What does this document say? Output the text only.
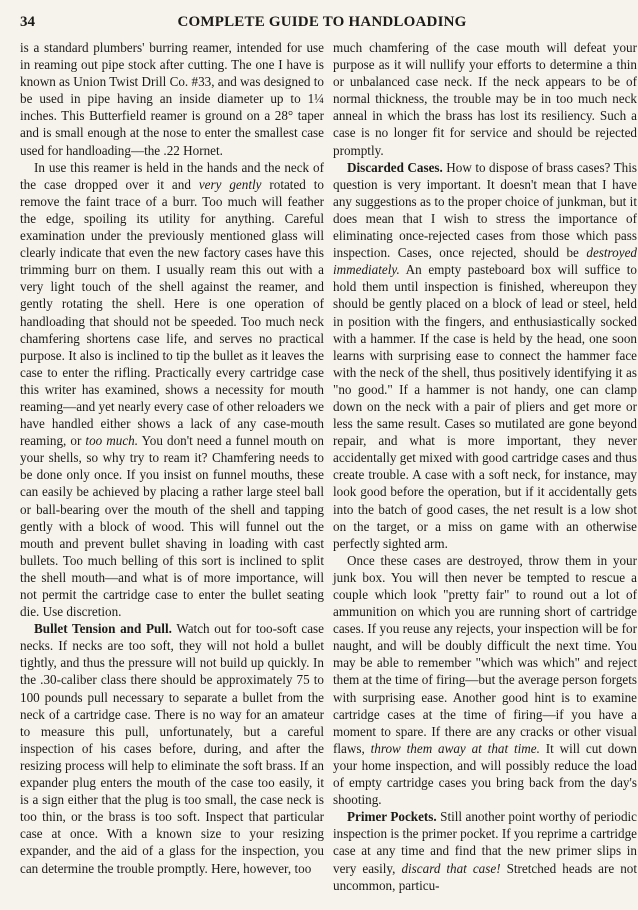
34	COMPLETE GUIDE TO HANDLOADING

is a standard plumbers' burring reamer, intended for use in reaming out pipe stock after cutting. The one I have is known as Union Twist Drill Co. #33, and was designed to be used in pipe having an inside diameter up to 1¼ inches. This Butterfield reamer is ground on a 28° taper and is small enough at the nose to enter the smallest case used for handloading—the .22 Hornet.

In use this reamer is held in the hands and the neck of the case dropped over it and very gently rotated to remove the faint trace of a burr. Too much will feather the edge, spoiling its utility for anything. Careful examination under the previously mentioned glass will clearly indicate that even the new factory cases have this trimming burr on them. I usually ream this out with a very light touch of the shell against the reamer, and gently rotating the shell. Here is one operation of handloading that should not be speeded. Too much neck chamfering shortens case life, and serves no practical purpose. It also is inclined to tip the bullet as it leaves the case to enter the rifling. Practically every cartridge case this writer has examined, shows a necessity for mouth reaming—and yet nearly every case of other reloaders we have handled either shows a lack of any case-mouth reaming, or too much. You don't need a funnel mouth on your shells, so why try to ream it? Chamfering needs to be done only once. If you insist on funnel mouths, these can easily be achieved by placing a rather large steel ball or ball-bearing over the mouth of the shell and tapping gently with a block of wood. This will funnel out the mouth and prevent bullet shaving in loading with cast bullets. Too much belling of this sort is inclined to split the shell mouth—and what is of more importance, will not permit the cartridge case to enter the bullet seating die. Use discretion.

Bullet Tension and Pull. Watch out for too-soft case necks. If necks are too soft, they will not hold a bullet tightly, and thus the pressure will not build up quickly. In the .30-caliber class there should be approximately 75 to 100 pounds pull necessary to separate a bullet from the neck of a cartridge case. There is no way for an amateur to measure this pull, unfortunately, but a careful inspection of his cases before, during, and after the resizing process will help to eliminate the soft brass. If an expander plug enters the mouth of the case too easily, it is a sign either that the plug is too small, the case neck is too thin, or the brass is too soft. Inspect that particular case at once. With a known size to your resizing expander, and the aid of a glass for the inspection, you can determine the trouble promptly. Here, however, too

much chamfering of the case mouth will defeat your purpose as it will nullify your efforts to determine a thin or unbalanced case neck. If the neck appears to be of normal thickness, the trouble may be in too much neck anneal in which the brass has lost its resiliency. Such a case is no longer fit for service and should be rejected promptly.

Discarded Cases. How to dispose of brass cases? This question is very important. It doesn't mean that I have any suggestions as to the proper choice of junkman, but it does mean that I wish to stress the importance of eliminating once-rejected cases from those which pass inspection. Cases, once rejected, should be destroyed immediately. An empty pasteboard box will suffice to hold them until inspection is finished, whereupon they should be gently placed on a block of lead or steel, held in position with the fingers, and enthusiastically socked with a hammer. If the case is held by the head, one soon learns with surprising ease to connect the hammer face with the neck of the shell, thus positively identifying it as "no good." If a hammer is not handy, one can clamp down on the neck with a pair of pliers and get more or less the same result. Cases so mutilated are gone beyond repair, and what is more important, they never accidentally get mixed with good cartridge cases and thus create trouble. A case with a soft neck, for instance, may look good before the operation, but if it accidentally gets into the batch of good cases, the net result is a low shot on the target, or a miss on game with an otherwise perfectly sighted arm.

Once these cases are destroyed, throw them in your junk box. You will then never be tempted to rescue a couple which look "pretty fair" to round out a lot of ammunition on which you are running short of cartridge cases. If you reuse any rejects, your inspection will be for naught, and will be doubly difficult the next time. You may be able to remember "which was which" and reject them at the time of firing—but the average person forgets with surprising ease. Another good hint is to examine cartridge cases at the time of firing—if you have a moment to spare. If there are any cracks or other visual flaws, throw them away at that time. It will cut down your home inspection, and will possibly reduce the load of empty cartridge cases you bring back from the day's shooting.

Primer Pockets. Still another point worthy of periodic inspection is the primer pocket. If you reprime a cartridge case at any time and find that the new primer slips in very easily, discard that case! Stretched heads are not uncommon, particu-
